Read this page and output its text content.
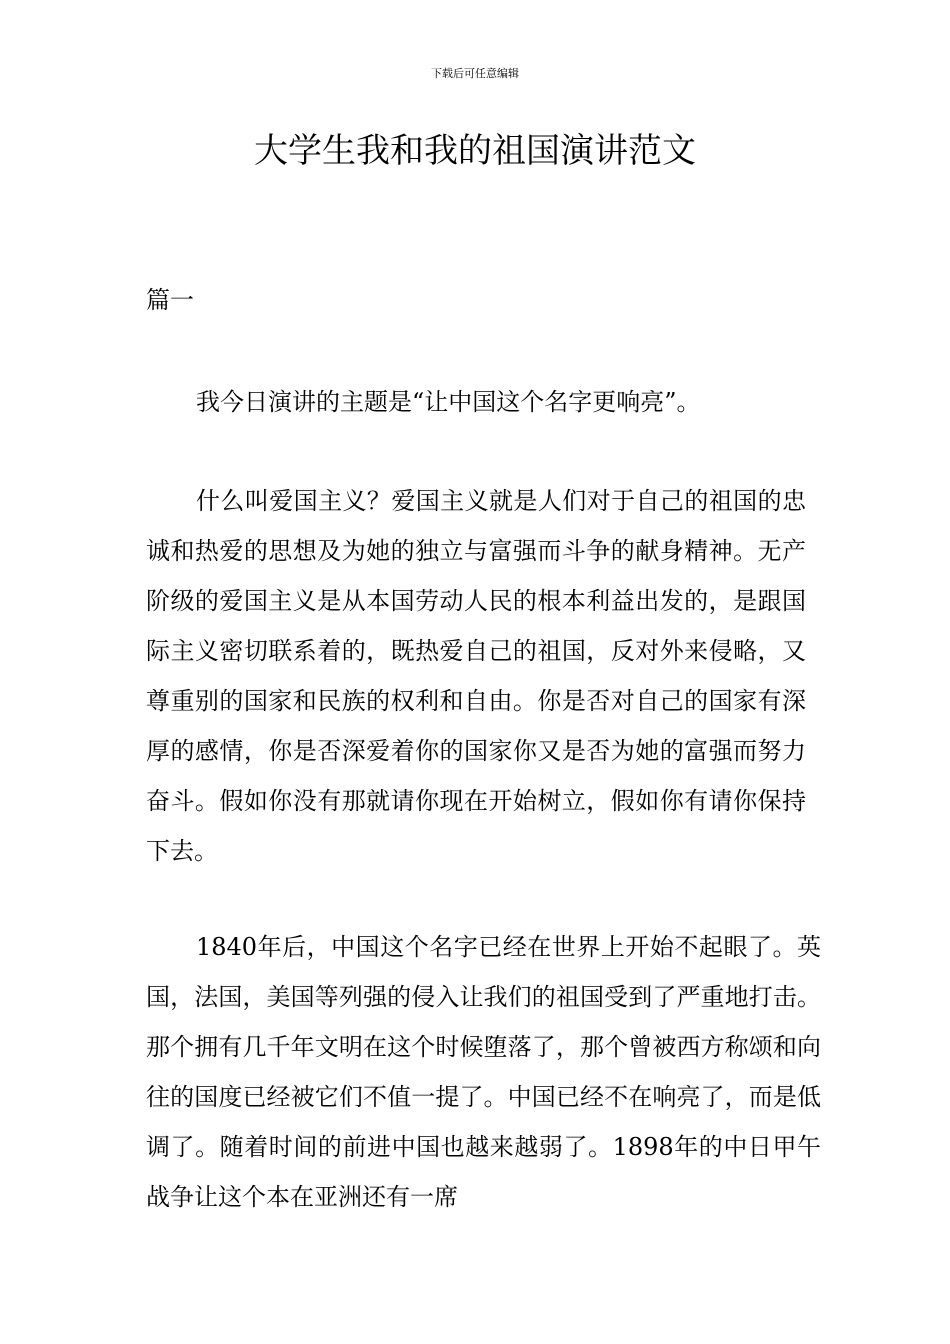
下载后可任意编辑
大学生我和我的祖国演讲范文
篇一

我今日演讲的主题是“让中国这个名字更响亮”。

什么叫爱国主义？爱国主义就是人们对于自己的祖国的忠诚和热爱的思想及为她的独立与富强而斗争的献身精神。无产阶级的爱国主义是从本国劳动人民的根本利益出发的，是跟国际主义密切联系着的，既热爱自己的祖国，反对外来侵略，又尊重别的国家和民族的权利和自由。你是否对自己的国家有深厚的感情，你是否深爱着你的国家你又是否为她的富强而努力奋斗。假如你没有那就请你现在开始树立，假如你有请你保持下去。

1840年后，中国这个名字已经在世界上开始不起眼了。英国，法国，美国等列强的侵入让我们的祖国受到了严重地打击。那个拥有几千年文明在这个时候堕落了，那个曾被西方称颂和向往的国度已经被它们不值一提了。中国已经不在响亮了，而是低调了。随着时间的前进中国也越来越弱了。1898年的中日甲午战争让这个本在亚洲还有一席
